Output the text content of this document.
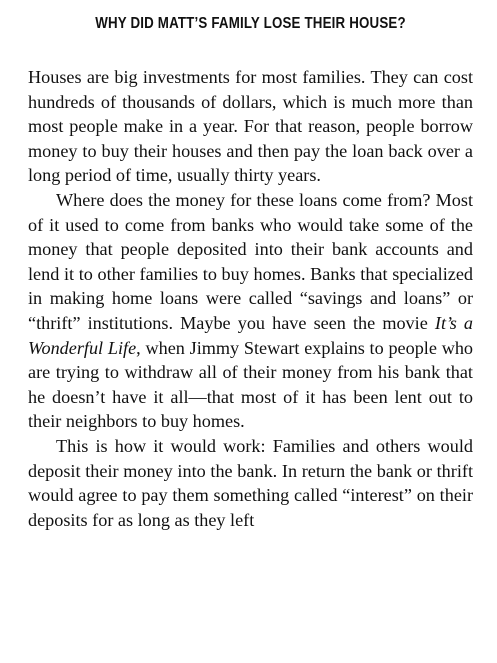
WHY DID MATT’S FAMILY LOSE THEIR HOUSE?

Houses are big investments for most families. They can cost hundreds of thousands of dollars, which is much more than most people make in a year. For that reason, people borrow money to buy their houses and then pay the loan back over a long period of time, usually thirty years.

Where does the money for these loans come from? Most of it used to come from banks who would take some of the money that people deposited into their bank accounts and lend it to other families to buy homes. Banks that specialized in making home loans were called “savings and loans” or “thrift” institutions. Maybe you have seen the movie It’s a Wonderful Life, when Jimmy Stewart explains to people who are trying to withdraw all of their money from his bank that he doesn’t have it all—that most of it has been lent out to their neighbors to buy homes.

This is how it would work: Families and others would deposit their money into the bank. In return the bank or thrift would agree to pay them something called “interest” on their deposits for as long as they left
